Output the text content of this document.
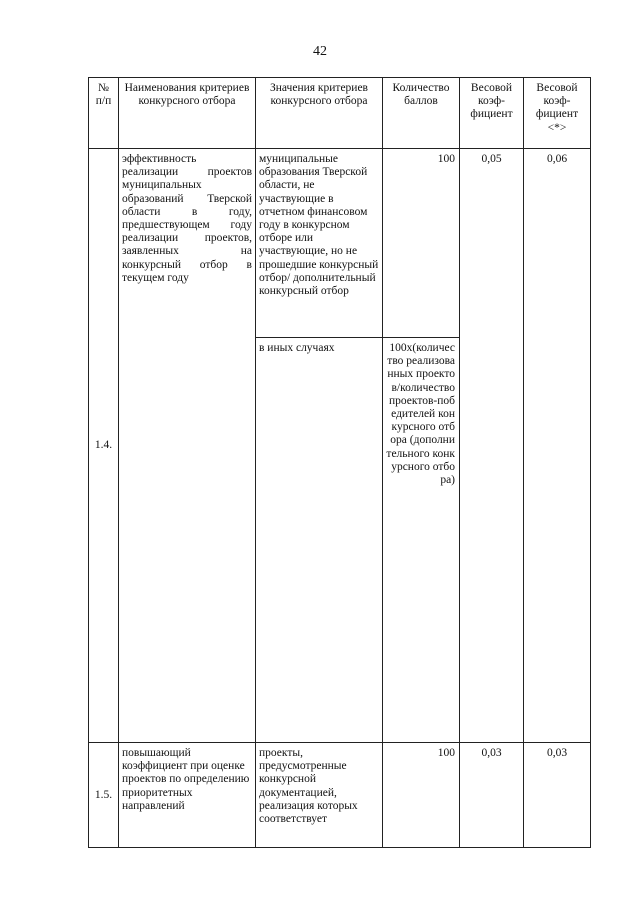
42
№ п/п	Наименования критериев конкурсного отбора	Значения критериев конкурсного отбора	Количество баллов	Весовой коэф-фициент	Весовой коэф-фициент <*>
1.4.	эффективность реализации проектов муниципальных образований Тверской области в году, предшествующем году реализации проектов, заявленных на конкурсный отбор в текущем году	муниципальные образования Тверской области, не участвующие в отчетном финансовом году в конкурсном отборе или участвующие, но не прошедшие конкурсный отбор/ дополнительный конкурсный отбор	100	0,05	0,06
		в иных случаях	100х(количество реализованных проектов/количество проектов-победителей конкурсного отбора (дополнительного конкурсного отбора)		
1.5.	повышающий коэффициент при оценке проектов по определению приоритетных направлений	проекты, предусмотренные конкурсной документацией, реализация которых соответствует	100	0,03	0,03
